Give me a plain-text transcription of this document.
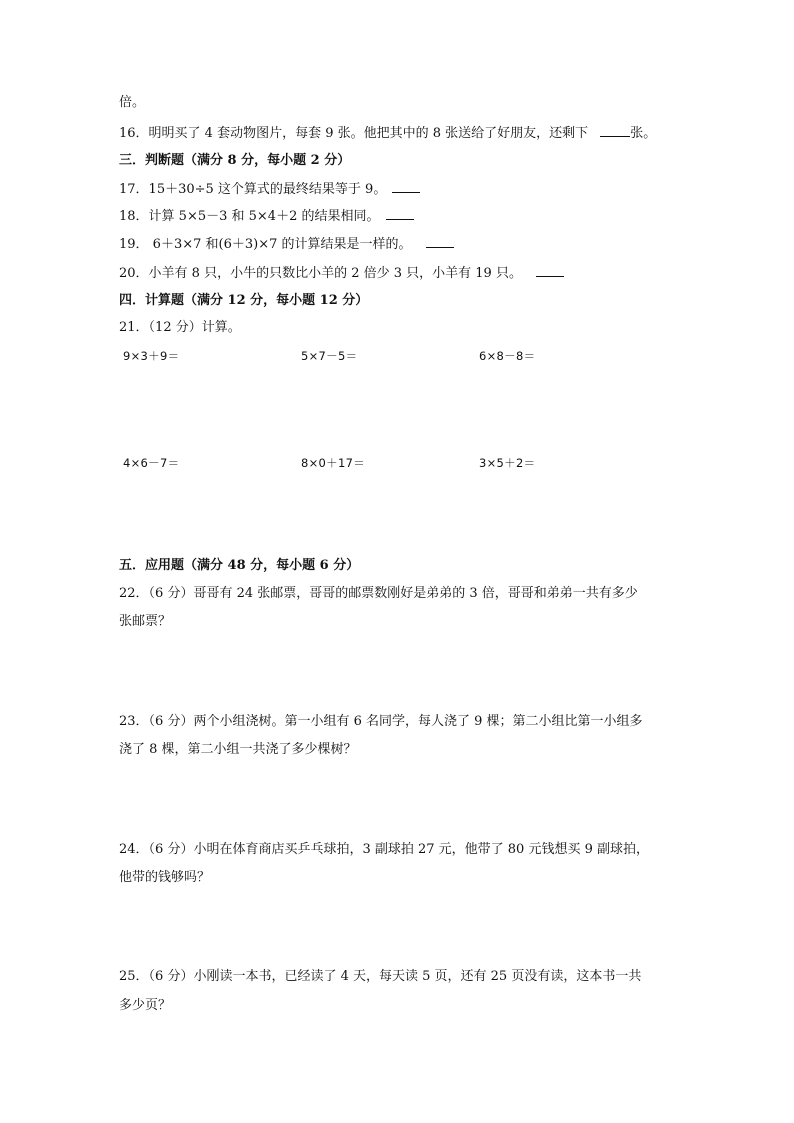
倍。
16．明明买了 4 套动物图片，每套 9 张。他把其中的 8 张送给了好朋友，还剩下	张。
三．判断题（满分 8 分，每小题 2 分）
17．15＋30÷5 这个算式的最终结果等于 9。
18．计算 5×5－3 和 5×4＋2 的结果相同。
19． 6＋3×7 和(6＋3)×7 的计算结果是一样的。
20．小羊有 8 只，小牛的只数比小羊的 2 倍少 3 只，小羊有 19 只。
四．计算题（满分 12 分，每小题 12 分）
21．（12 分）计算。
9×3＋9＝	5×7－5＝	6×8－8＝
4×6－7＝	8×0＋17＝	3×5＋2＝
五．应用题（满分 48 分，每小题 6 分）
22．（6 分）哥哥有 24 张邮票，哥哥的邮票数刚好是弟弟的 3 倍，哥哥和弟弟一共有多少
张邮票？
23．（6 分）两个小组浇树。第一小组有 6 名同学，每人浇了 9 棵；第二小组比第一小组多
浇了 8 棵，第二小组一共浇了多少棵树？
24．（6 分）小明在体育商店买乒乓球拍，3 副球拍 27 元，他带了 80 元钱想买 9 副球拍，
他带的钱够吗？
25．（6 分）小刚读一本书，已经读了 4 天，每天读 5 页，还有 25 页没有读，这本书一共
多少页？
